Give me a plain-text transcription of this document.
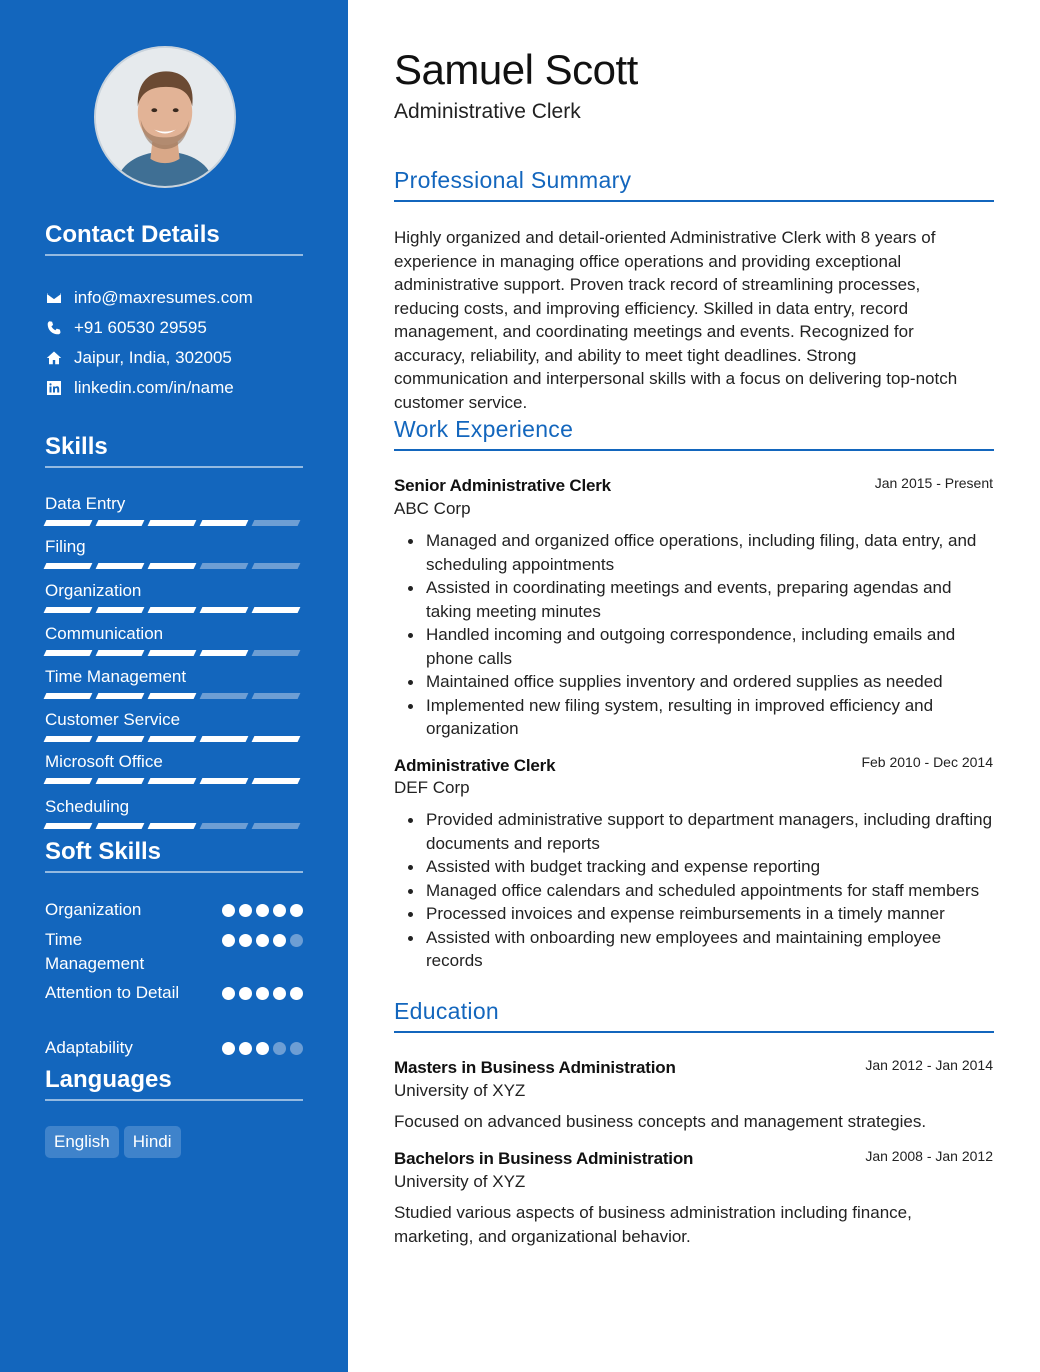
Contact Details
info@maxresumes.com
+91 60530 29595
Jaipur, India, 302005
linkedin.com/in/name
Skills
Data Entry
Filing
Organization
Communication
Time Management
Customer Service
Microsoft Office
Scheduling
Soft Skills
Organization
Time Management
Attention to Detail
Adaptability
Languages
English	Hindi
Samuel Scott
Administrative Clerk
Professional Summary
Highly organized and detail-oriented Administrative Clerk with 8 years of experience in managing office operations and providing exceptional administrative support. Proven track record of streamlining processes, reducing costs, and improving efficiency. Skilled in data entry, record management, and coordinating meetings and events. Recognized for accuracy, reliability, and ability to meet tight deadlines. Strong communication and interpersonal skills with a focus on delivering top-notch customer service.
Work Experience
Senior Administrative Clerk	Jan 2015 - Present
ABC Corp
Managed and organized office operations, including filing, data entry, and scheduling appointments
Assisted in coordinating meetings and events, preparing agendas and taking meeting minutes
Handled incoming and outgoing correspondence, including emails and phone calls
Maintained office supplies inventory and ordered supplies as needed
Implemented new filing system, resulting in improved efficiency and organization
Administrative Clerk	Feb 2010 - Dec 2014
DEF Corp
Provided administrative support to department managers, including drafting documents and reports
Assisted with budget tracking and expense reporting
Managed office calendars and scheduled appointments for staff members
Processed invoices and expense reimbursements in a timely manner
Assisted with onboarding new employees and maintaining employee records
Education
Masters in Business Administration	Jan 2012 - Jan 2014
University of XYZ
Focused on advanced business concepts and management strategies.
Bachelors in Business Administration	Jan 2008 - Jan 2012
University of XYZ
Studied various aspects of business administration including finance, marketing, and organizational behavior.
